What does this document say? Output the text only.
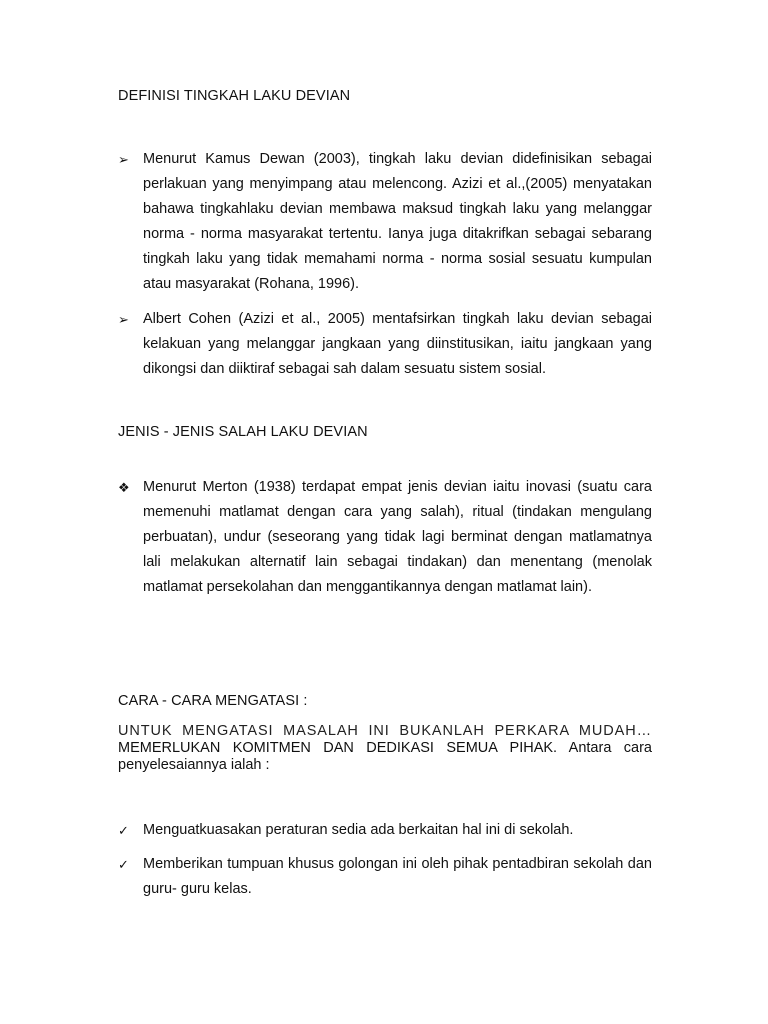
DEFINISI TINGKAH LAKU DEVIAN
➢ Menurut Kamus Dewan (2003), tingkah laku devian didefinisikan sebagai perlakuan yang menyimpang atau melencong. Azizi et al.,(2005) menyatakan bahawa tingkahlaku devian membawa maksud tingkah laku yang melanggar norma - norma masyarakat tertentu. Ianya juga ditakrifkan sebagai sebarang tingkah laku yang tidak memahami norma - norma sosial sesuatu kumpulan atau masyarakat (Rohana, 1996).

➢ Albert Cohen (Azizi et al., 2005) mentafsirkan tingkah laku devian sebagai kelakuan yang melanggar jangkaan yang diinstitusikan, iaitu jangkaan yang dikongsi dan diiktiraf sebagai sah dalam sesuatu sistem sosial.

JENIS - JENIS SALAH LAKU DEVIAN
❖ Menurut Merton (1938) terdapat empat jenis devian iaitu inovasi (suatu cara memenuhi matlamat dengan cara yang salah), ritual (tindakan mengulang perbuatan), undur (seseorang yang tidak lagi berminat dengan matlamatnya lali melakukan alternatif lain sebagai tindakan) dan menentang (menolak matlamat persekolahan dan menggantikannya dengan matlamat lain).

CARA - CARA MENGATASI :

UNTUK MENGATASI MASALAH INI BUKANLAH PERKARA MUDAH… MEMERLUKAN KOMITMEN DAN DEDIKASI SEMUA PIHAK. Antara cara penyelesaiannya ialah :

✓ Menguatkuasakan peraturan sedia ada berkaitan hal ini di sekolah.

✓ Memberikan tumpuan khusus golongan ini oleh pihak pentadbiran sekolah dan guru- guru kelas.
